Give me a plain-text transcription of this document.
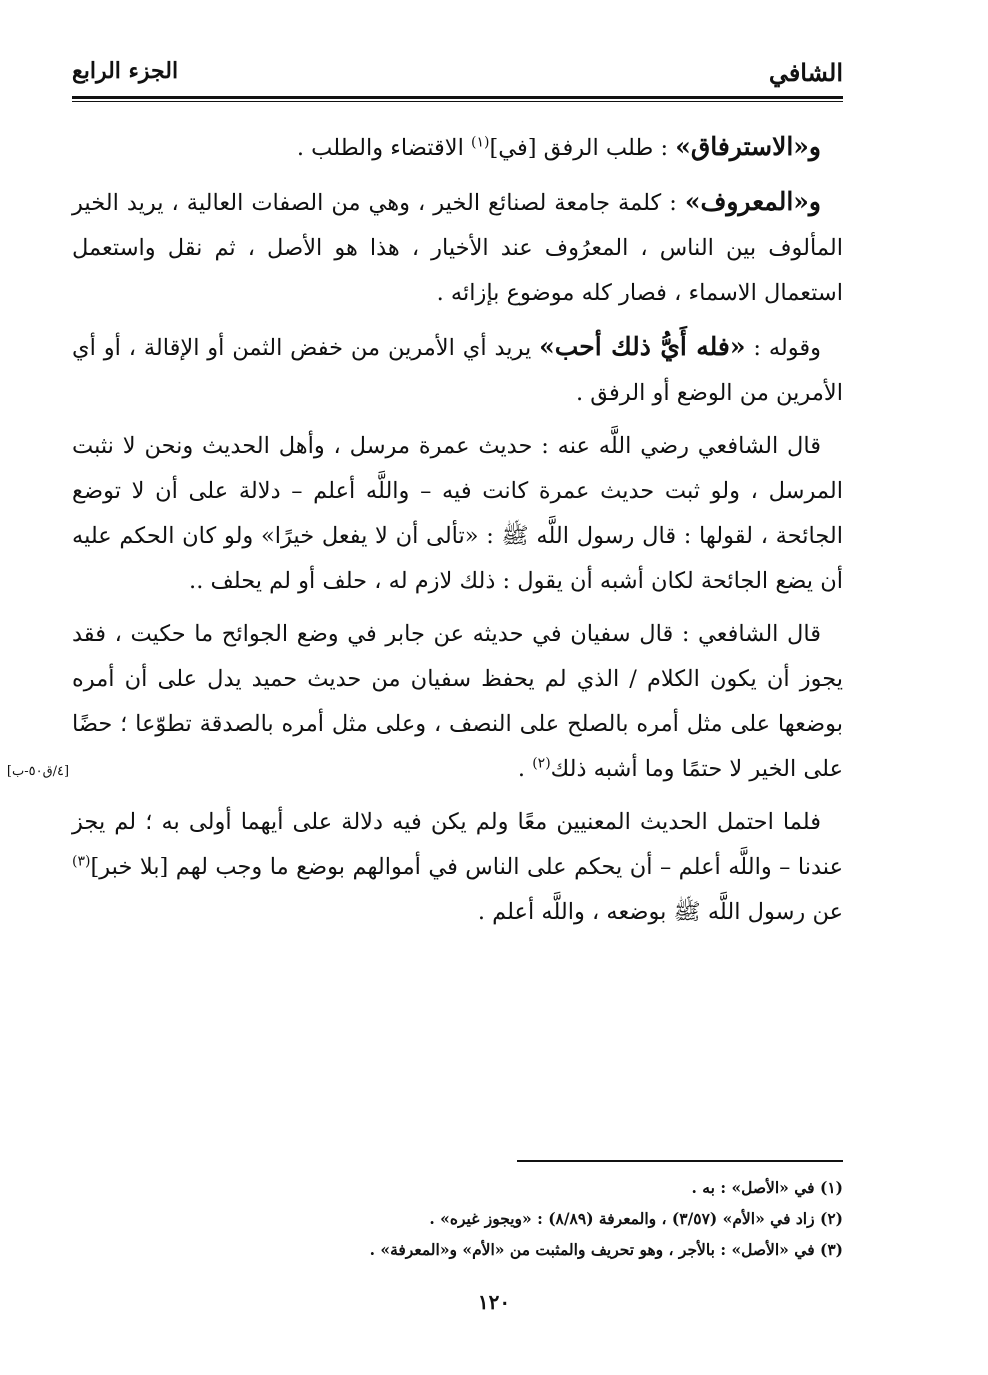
الشافي
الجزء الرابع

و«الاسترفاق» : طلب الرفق [في]$^{(١)}$ الاقتضاء والطلب .

و«المعروف» : كلمة جامعة لصنائع الخير ، وهي من الصفات العالية ، يريد الخير المألوف بين الناس ، المعرُوف عند الأخيار ، هذا هو الأصل ، ثم نقل واستعمل استعمال الاسماء ، فصار كله موضوع بإزائه .

وقوله : «فله أَيُّ ذلك أحب» يريد أي الأمرين من خفض الثمن أو الإقالة ، أو أي الأمرين من الوضع أو الرفق .

قال الشافعي رضي اللَّه عنه : حديث عمرة مرسل ، وأهل الحديث ونحن لا نثبت المرسل ، ولو ثبت حديث عمرة كانت فيه – واللَّه أعلم – دلالة على أن لا توضع الجائحة ، لقولها : قال رسول اللَّه ﷺ : «تألى أن لا يفعل خيرًا» ولو كان الحكم عليه أن يضع الجائحة لكان أشبه أن يقول : ذلك لازم له ، حلف أو لم يحلف ..

قال الشافعي : قال سفيان في حديثه عن جابر في وضع الجوائح ما حكيت ، فقد يجوز أن يكون الكلام / الذي لم يحفظ سفيان من حديث حميد يدل على أن أمره بوضعها على مثل أمره بالصلح على النصف ، وعلى مثل أمره بالصدقة تطوّعا ؛ حضًا على الخير لا حتمًا وما أشبه ذلك$^{(٢)}$ .

فلما احتمل الحديث المعنيين معًا ولم يكن فيه دلالة على أيهما أولى به ؛ لم يجز عندنا – واللَّه أعلم – أن يحكم على الناس في أموالهم بوضع ما وجب لهم [بلا خبر]$^{(٣)}$ عن رسول اللَّه ﷺ بوضعه ، واللَّه أعلم .

[٤/ق٥٠-ب]

(١) في «الأصل» : به .

(٢) زاد في «الأم» (٣/٥٧) ، والمعرفة (٨/٨٩) : «ويجوز غيره» .

(٣) في «الأصل» : بالأجر ، وهو تحريف والمثبت من «الأم» و«المعرفة» .

١٢٠
